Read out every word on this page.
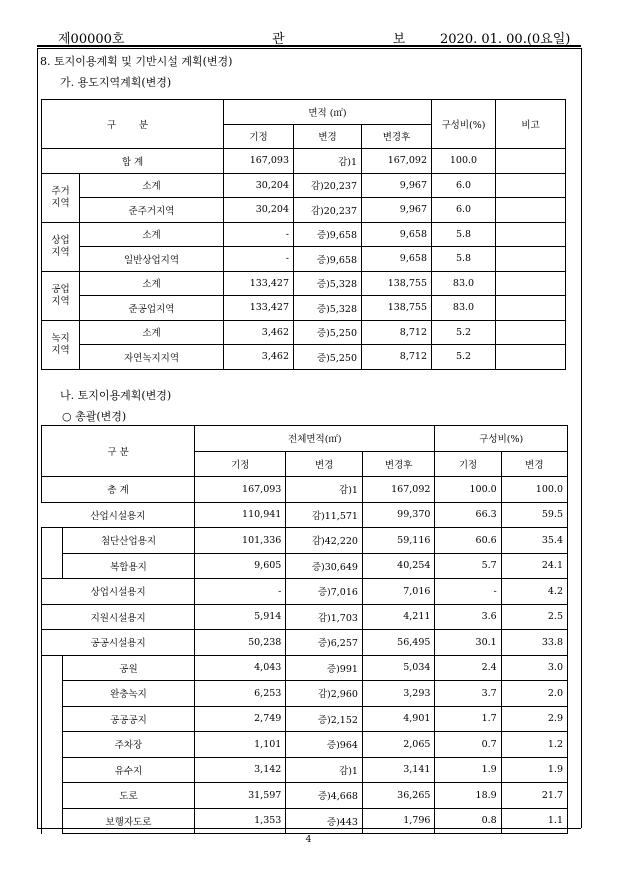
제00000호	관 보
2020. 01. 00.(0요일)
8. 토지이용계획 및 기반시설 계획(변경)
가. 용도지역계획(변경)
구 분		면적 (㎡)			구성비(%)	비고
		기정	변경	변경후		
합 계		167,093	감)1	167,092	100.0	
주거
지역	소계	30,204	감)20,237	9,967	6.0	
	준주거지역	30,204	감)20,237	9,967	6.0	
상업
지역	소계	-	증)9,658	9,658	5.8	
	일반상업지역	-	증)9,658	9,658	5.8	
공업
지역	소계	133,427	증)5,328	138,755	83.0	
	준공업지역	133,427	증)5,328	138,755	83.0	
녹지
지역	소계	3,462	증)5,250	8,712	5.2	
	자연녹지지역	3,462	증)5,250	8,712	5.2	
나. 토지이용계획(변경)
○ 총괄(변경)
구 분		전체면적(㎡)			구성비(%)	
		기정	변경	변경후	기정	변경
총 계		167,093	감)1	167,092	100.0	100.0
산업시설용지		110,941	감)11,571	99,370	66.3	59.5
	첨단산업용지	101,336	감)42,220	59,116	60.6	35.4
	복합용지	9,605	증)30,649	40,254	5.7	24.1
상업시설용지		-	증)7,016	7,016	-	4.2
지원시설용지		5,914	감)1,703	4,211	3.6	2.5
공공시설용지		50,238	증)6,257	56,495	30.1	33.8
	공원	4,043	증)991	5,034	2.4	3.0
	완충녹지	6,253	감)2,960	3,293	3.7	2.0
	공공공지	2,749	증)2,152	4,901	1.7	2.9
	주차장	1,101	증)964	2,065	0.7	1.2
	유수지	3,142	감)1	3,141	1.9	1.9
	도로	31,597	증)4,668	36,265	18.9	21.7
	보행자도로	1,353	증)443	1,796	0.8	1.1
4
